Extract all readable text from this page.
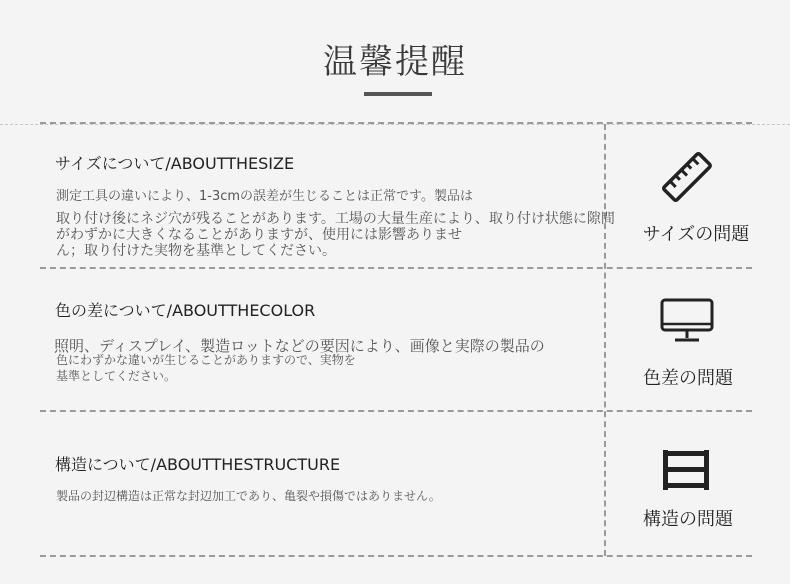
温馨提醒
サイズについて/ABOUTTHESIZE
測定工具の違いにより、1-3cmの誤差が生じることは正常です。製品は
取り付け後にネジ穴が残ることがあります。工場の大量生産により、取り付け状態に隙間
がわずかに大きくなることがありますが、使用には影響ありませ
ん；取り付けた実物を基準としてください。
サイズの問題
色の差について/ABOUTTHECOLOR
照明、ディスプレイ、製造ロットなどの要因により、画像と実際の製品の
色にわずかな違いが生じることがありますので、実物を
基準としてください。	色差の問題
構造について/ABOUTTHESTRUCTURE
製品の封辺構造は正常な封辺加工であり、亀裂や損傷ではありません。
構造の問題
